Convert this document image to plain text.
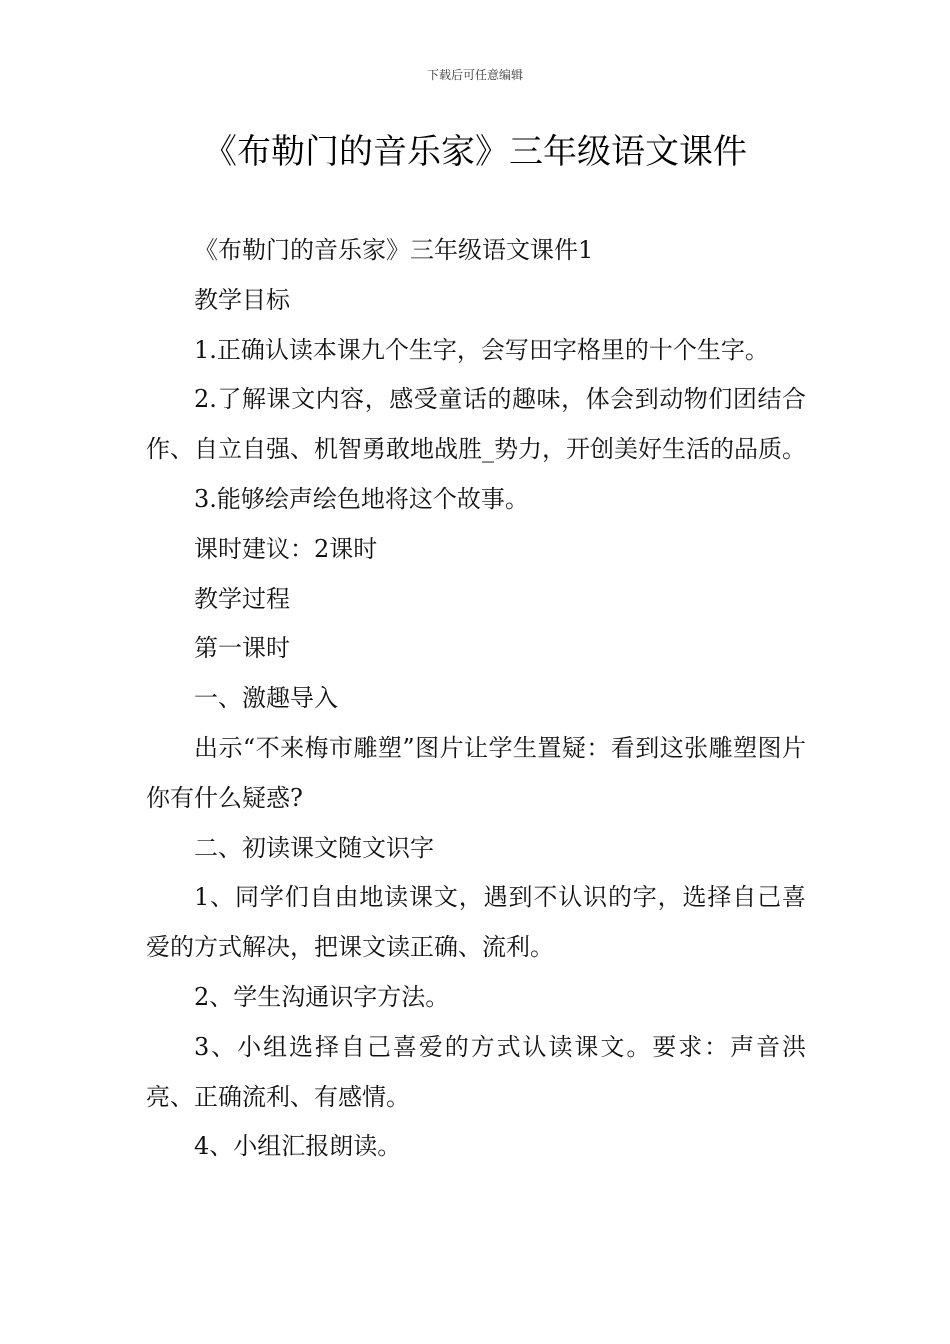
下载后可任意编辑
《布勒门的音乐家》三年级语文课件

《布勒门的音乐家》三年级语文课件1

教学目标

1.正确认读本课九个生字，会写田字格里的十个生字。

2.了解课文内容，感受童话的趣味，体会到动物们团结合作、自立自强、机智勇敢地战胜_势力，开创美好生活的品质。

3.能够绘声绘色地将这个故事。

课时建议：2课时

教学过程

第一课时

一、激趣导入

出示“不来梅市雕塑”图片让学生置疑：看到这张雕塑图片你有什么疑惑?

二、初读课文随文识字

1、同学们自由地读课文，遇到不认识的字，选择自己喜爱的方式解决，把课文读正确、流利。

2、学生沟通识字方法。

3、小组选择自己喜爱的方式认读课文。要求：声音洪亮、正确流利、有感情。

4、小组汇报朗读。
